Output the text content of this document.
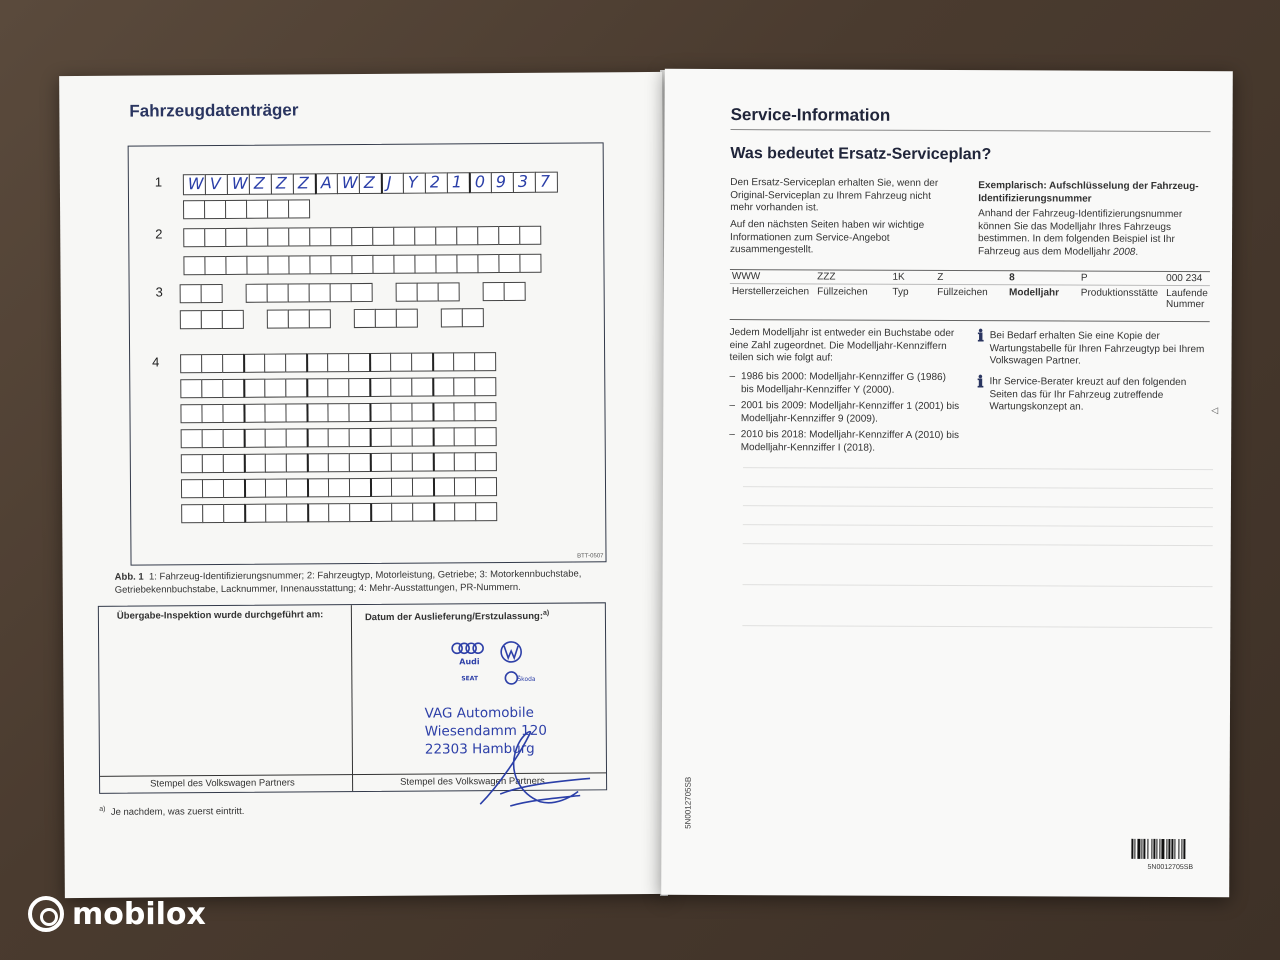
Fahrzeugdatenträger
1
2
3
4
W V W Z Z Z A W Z J Y 2 1 0 9 3 7
BTT-0507
Abb. 1 1: Fahrzeug-Identifizierungsnummer; 2: Fahrzeugtyp, Motorleistung, Getriebe; 3: Motorkennbuchstabe, Getriebekennbuchstabe, Lacknummer, Innenausstattung; 4: Mehr-Ausstattungen, PR-Nummern.
Übergabe-Inspektion wurde durchgeführt am:	Datum der Auslieferung/Erstzulassung:$^{a)}$
Stempel des Volkswagen Partners	Stempel des Volkswagen Partners
Audi
SEAT	Škoda
VAG Automobile
Wiesendamm 120
22303 Hamburg
$^{a)}$ Je nachdem, was zuerst eintritt.
Service-Information
Was bedeutet Ersatz-Serviceplan?
Den Ersatz-Serviceplan erhalten Sie, wenn der Original-Serviceplan zu Ihrem Fahrzeug nicht mehr vorhanden ist.
Auf den nächsten Seiten haben wir wichtige Informationen zum Service-Angebot zusammengestellt.
Exemplarisch: Aufschlüsselung der Fahrzeug-Identifizierungsnummer
Anhand der Fahrzeug-Identifizierungsnummer können Sie das Modelljahr Ihres Fahrzeugs bestimmen. In dem folgenden Beispiel ist Ihr Fahrzeug aus dem Modelljahr 2008.
WWW	ZZZ	1K	Z	8	P	000 234
Herstellerzeichen	Füllzeichen	Typ	Füllzeichen	Modelljahr	Produktionsstätte	Laufende Nummer
Jedem Modelljahr ist entweder ein Buchstabe oder eine Zahl zugeordnet. Die Modelljahr-Kennziffern teilen sich wie folgt auf:
– 1986 bis 2000: Modelljahr-Kennziffer G (1986) bis Modelljahr-Kennziffer Y (2000).
– 2001 bis 2009: Modelljahr-Kennziffer 1 (2001) bis Modelljahr-Kennziffer 9 (2009).
– 2010 bis 2018: Modelljahr-Kennziffer A (2010) bis Modelljahr-Kennziffer I (2018).
ℹ Bei Bedarf erhalten Sie eine Kopie der Wartungstabelle für Ihren Fahrzeugtyp bei Ihrem Volkswagen Partner.
ℹ Ihr Service-Berater kreuzt auf den folgenden Seiten das für Ihr Fahrzeug zutreffende Wartungskonzept an.	◁
5N0012705SB
5N0012705SB
mobilox
